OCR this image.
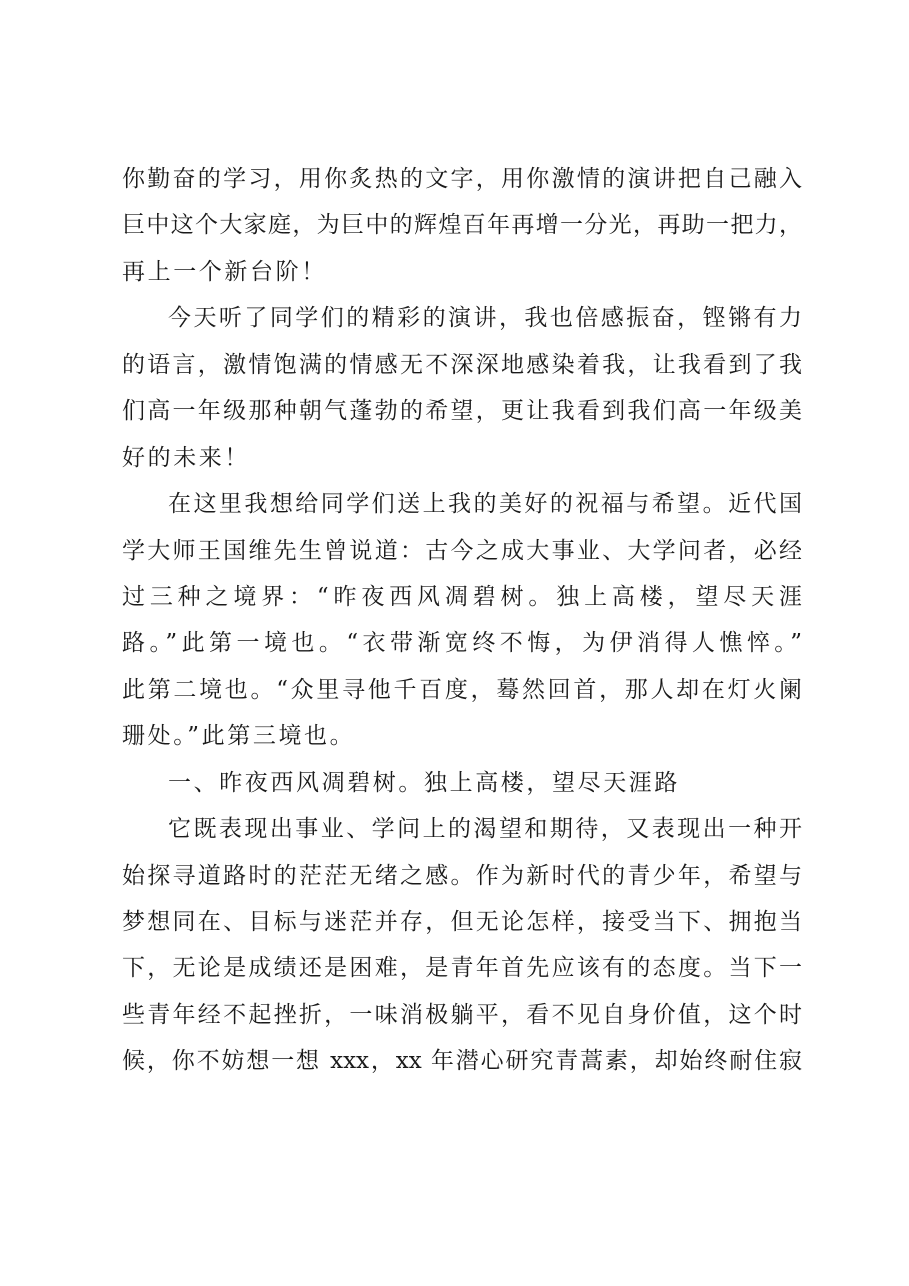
你勤奋的学习，用你炙热的文字，用你激情的演讲把自己融入
巨中这个大家庭，为巨中的辉煌百年再增一分光，再助一把力，
再上一个新台阶！
今天听了同学们的精彩的演讲，我也倍感振奋，铿锵有力
的语言，激情饱满的情感无不深深地感染着我，让我看到了我
们高一年级那种朝气蓬勃的希望，更让我看到我们高一年级美
好的未来！
在这里我想给同学们送上我的美好的祝福与希望。近代国
学大师王国维先生曾说道：古今之成大事业、大学问者，必经
过三种之境界：“昨夜西风凋碧树。独上高楼，望尽天涯
路。”此第一境也。“衣带渐宽终不悔，为伊消得人憔悴。”
此第二境也。“众里寻他千百度，蓦然回首，那人却在灯火阑
珊处。”此第三境也。
一、昨夜西风凋碧树。独上高楼，望尽天涯路
它既表现出事业、学问上的渴望和期待，又表现出一种开
始探寻道路时的茫茫无绪之感。作为新时代的青少年，希望与
梦想同在、目标与迷茫并存，但无论怎样，接受当下、拥抱当
下，无论是成绩还是困难，是青年首先应该有的态度。当下一
些青年经不起挫折，一味消极躺平，看不见自身价值，这个时
候，你不妨想一想 xxx，xx 年潜心研究青蒿素，却始终耐住寂
